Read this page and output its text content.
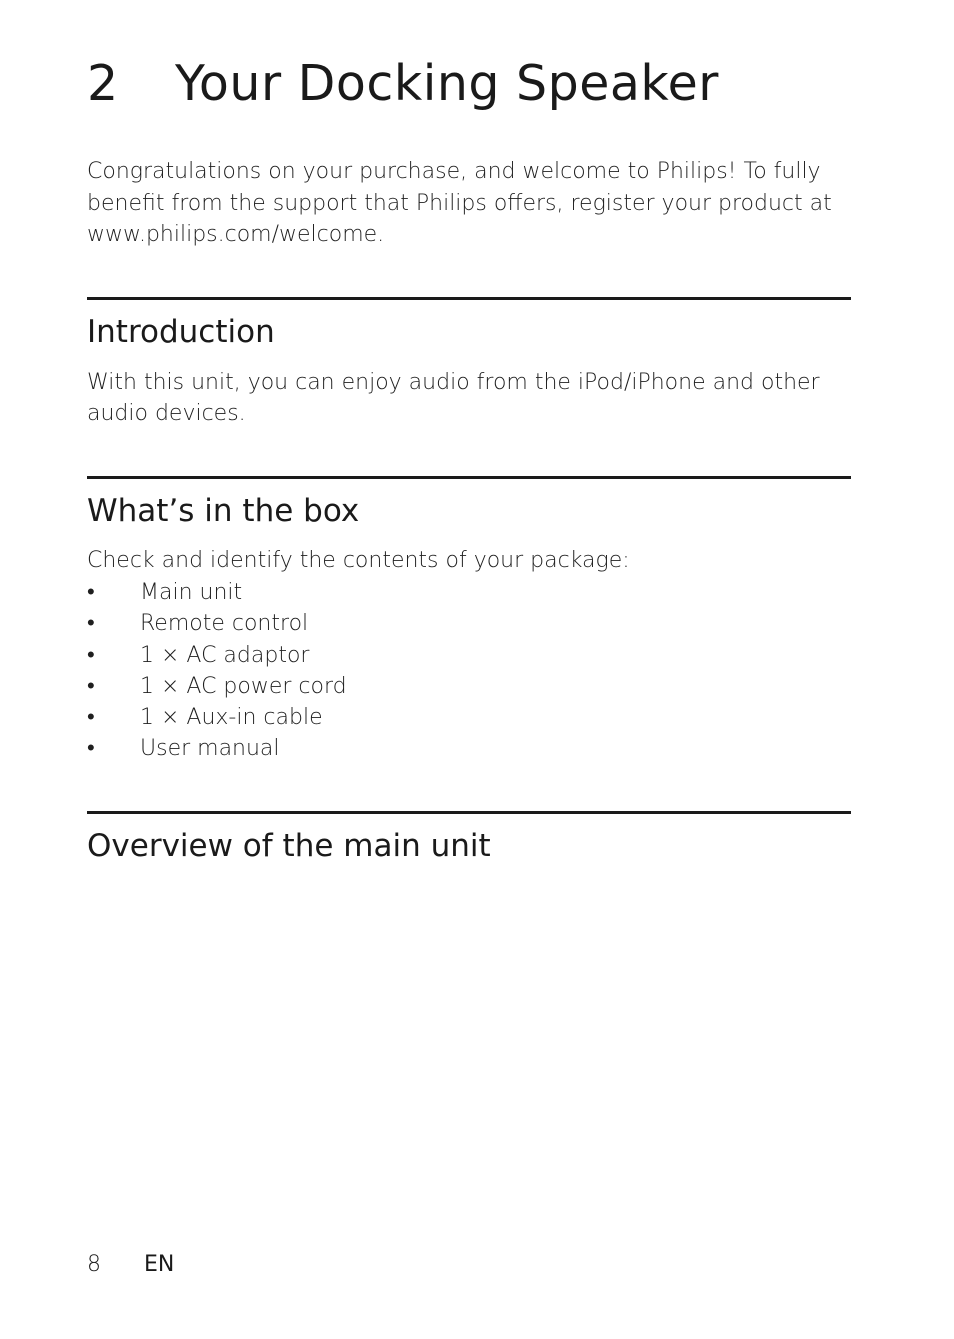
2 Your Docking Speaker

Congratulations on your purchase, and welcome to Philips! To fully benefit from the support that Philips offers, register your product at www.philips.com/welcome.

Introduction

With this unit, you can enjoy audio from the iPod/iPhone and other audio devices.

What’s in the box

Check and identify the contents of your package:

•	Main unit
•	Remote control
•	1 × AC adaptor
•	1 × AC power cord
•	1 × Aux-in cable
•	User manual
Overview of the main unit
8 EN
